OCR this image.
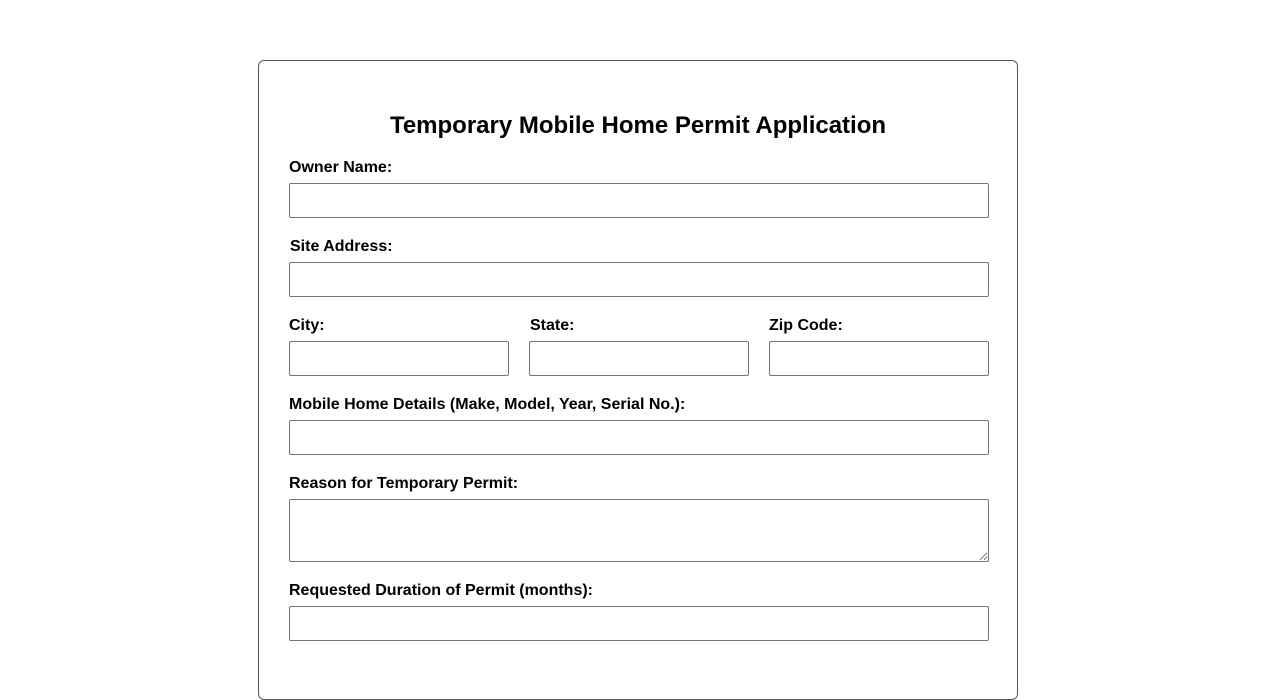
Temporary Mobile Home Permit Application
Owner Name:
Site Address:
City:	State:	Zip Code:
Mobile Home Details (Make, Model, Year, Serial No.):
Reason for Temporary Permit:
Requested Duration of Permit (months):
